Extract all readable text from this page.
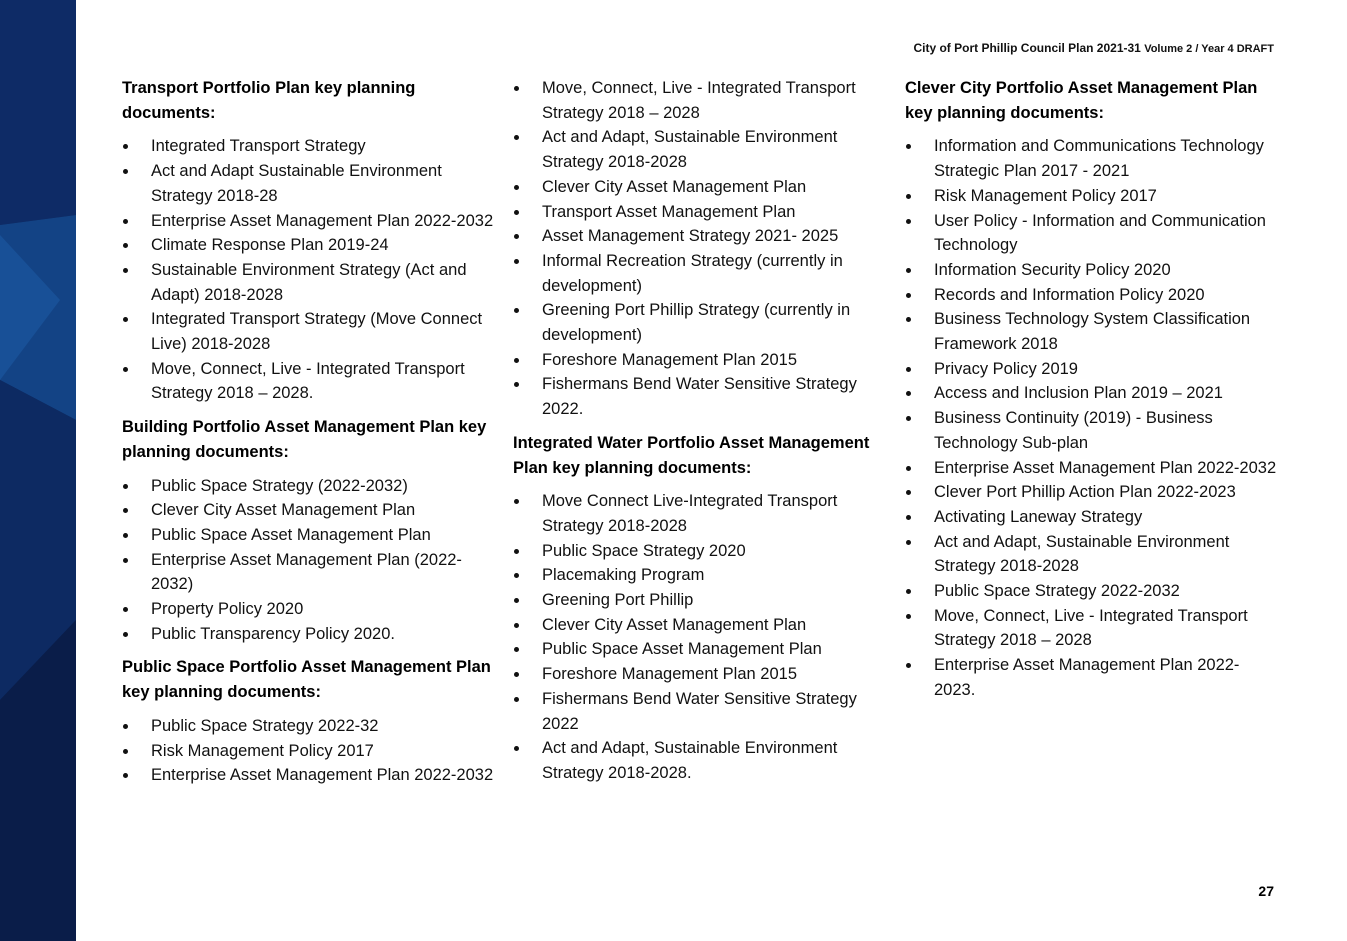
City of Port Phillip Council Plan 2021-31 Volume 2 / Year 4 DRAFT
Transport Portfolio Plan key planning documents:
Integrated Transport Strategy
Act and Adapt Sustainable Environment Strategy 2018-28
Enterprise Asset Management Plan 2022-2032
Climate Response Plan 2019-24
Sustainable Environment Strategy (Act and Adapt) 2018-2028
Integrated Transport Strategy (Move Connect Live) 2018-2028
Move, Connect, Live - Integrated Transport Strategy 2018 – 2028.
Building Portfolio Asset Management Plan key planning documents:
Public Space Strategy (2022-2032)
Clever City Asset Management Plan
Public Space Asset Management Plan
Enterprise Asset Management Plan (2022-2032)
Property Policy 2020
Public Transparency Policy 2020.
Public Space Portfolio Asset Management Plan key planning documents:
Public Space Strategy 2022-32
Risk Management Policy 2017
Enterprise Asset Management Plan 2022-2032
Move, Connect, Live - Integrated Transport Strategy 2018 – 2028
Act and Adapt, Sustainable Environment Strategy 2018-2028
Clever City Asset Management Plan
Transport Asset Management Plan
Asset Management Strategy 2021- 2025
Informal Recreation Strategy (currently in development)
Greening Port Phillip Strategy (currently in development)
Foreshore Management Plan 2015
Fishermans Bend Water Sensitive Strategy 2022.
Integrated Water Portfolio Asset Management Plan key planning documents:
Move Connect Live-Integrated Transport Strategy 2018-2028
Public Space Strategy 2020
Placemaking Program
Greening Port Phillip
Clever City Asset Management Plan
Public Space Asset Management Plan
Foreshore Management Plan 2015
Fishermans Bend Water Sensitive Strategy 2022
Act and Adapt, Sustainable Environment Strategy 2018-2028.
Clever City Portfolio Asset Management Plan key planning documents:
Information and Communications Technology Strategic Plan 2017 - 2021
Risk Management Policy 2017
User Policy - Information and Communication Technology
Information Security Policy 2020
Records and Information Policy 2020
Business Technology System Classification Framework 2018
Privacy Policy 2019
Access and Inclusion Plan 2019 – 2021
Business Continuity (2019) - Business Technology Sub-plan
Enterprise Asset Management Plan 2022-2032
Clever Port Phillip Action Plan 2022-2023
Activating Laneway Strategy
Act and Adapt, Sustainable Environment Strategy 2018-2028
Public Space Strategy 2022-2032
Move, Connect, Live - Integrated Transport Strategy 2018 – 2028
Enterprise Asset Management Plan 2022-2023.
27
